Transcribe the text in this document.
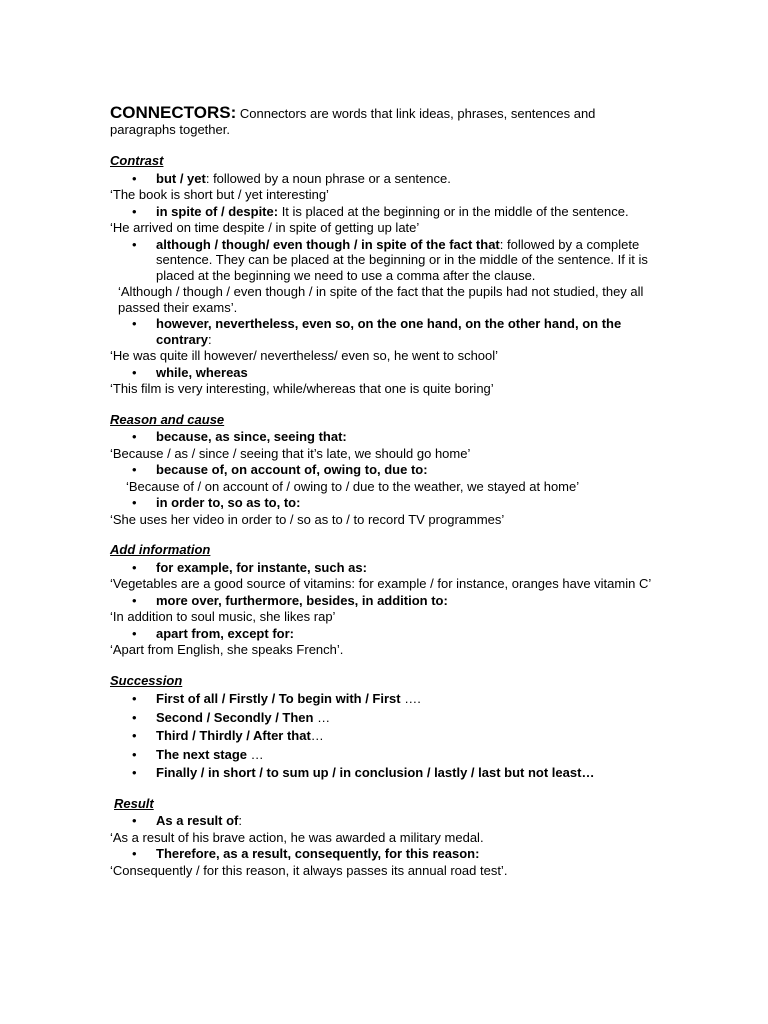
CONNECTORS: Connectors are words that link ideas, phrases, sentences and paragraphs together.

Contrast

• but / yet: followed by a noun phrase or a sentence.

‘The book is short but / yet interesting’

• in spite of / despite: It is placed at the beginning or in the middle of the sentence.

‘He arrived on time despite / in spite of getting up late’

• although / though/ even though / in spite of the fact that: followed by a complete sentence. They can be placed at the beginning or in the middle of the sentence. If it is placed at the beginning we need to use a comma after the clause.

‘Although / though / even though / in spite of the fact that the pupils had not studied, they all passed their exams’.

• however, nevertheless, even so, on the one hand, on the other hand, on the contrary:

‘He was quite ill however/ nevertheless/ even so, he went to school’

• while, whereas

‘This film is very interesting, while/whereas that one is quite boring’

Reason and cause

• because, as since, seeing that:

‘Because / as / since / seeing that it’s late, we should go home’

• because of, on account of, owing to, due to:

‘Because of / on account of / owing to / due to the weather, we stayed at home’

• in order to, so as to, to:

‘She uses her video in order to / so as to / to record TV programmes’

Add information

• for example, for instante, such as:

‘Vegetables are a good source of vitamins: for example / for instance, oranges have vitamin C’

• more over, furthermore, besides, in addition to:

‘In addition to soul music, she likes rap’

• apart from, except for:

‘Apart from English, she speaks French’.

Succession

• First of all / Firstly / To begin with / First ….
• Second / Secondly / Then …
• Third / Thirdly / After that…
• The next stage …
• Finally / in short / to sum up / in conclusion / lastly / last but not least…

Result

• As a result of:

‘As a result of his brave action, he was awarded a military medal.

• Therefore, as a result, consequently, for this reason:

‘Consequently / for this reason, it always passes its annual road test’.
